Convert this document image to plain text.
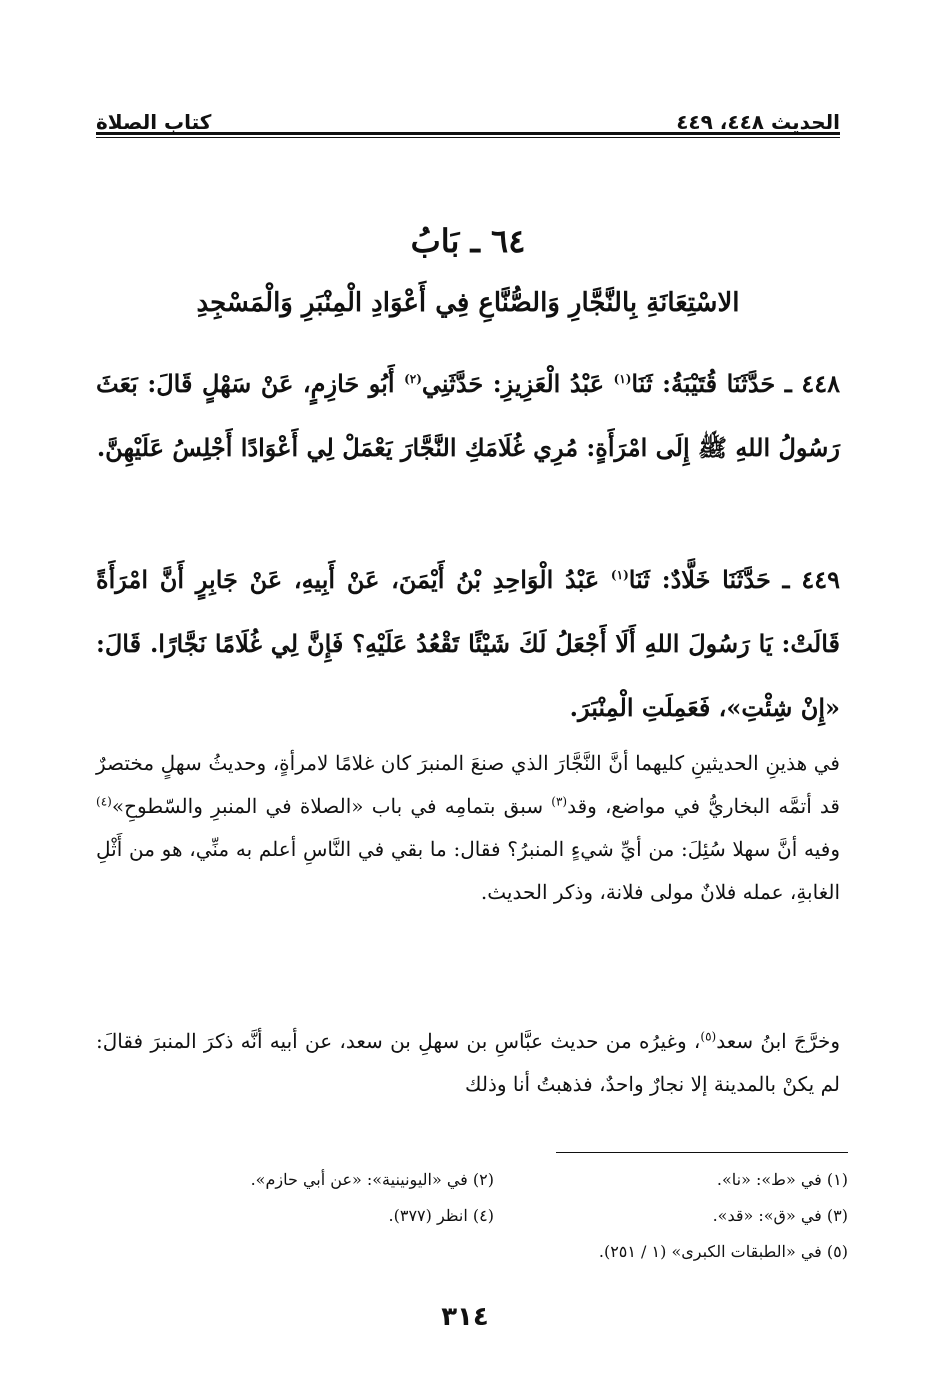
الحديث ٤٤٨، ٤٤٩
كتاب الصلاة
٦٤ ـ بَابُ
الاسْتِعَانَةِ بِالنَّجَّارِ وَالصُّنَّاعِ فِي أَعْوَادِ الْمِنْبَرِ وَالْمَسْجِدِ
٤٤٨ ـ حَدَّثَنَا قُتَيْبَةُ: ثَنَا$^{(١)}$ عَبْدُ الْعَزِيزِ: حَدَّثَنِي$^{(٢)}$ أَبُو حَازِمٍ، عَنْ سَهْلٍ قَالَ: بَعَثَ رَسُولُ اللهِ ﷺ إِلَى امْرَأَةٍ: مُرِي غُلَامَكِ النَّجَّارَ يَعْمَلْ لِي أَعْوَادًا أَجْلِسُ عَلَيْهِنَّ.
٤٤٩ ـ حَدَّثَنَا خَلَّادٌ: ثَنَا$^{(١)}$ عَبْدُ الْوَاحِدِ بْنُ أَيْمَنَ، عَنْ أَبِيهِ، عَنْ جَابِرٍ أَنَّ امْرَأَةً قَالَتْ: يَا رَسُولَ اللهِ أَلَا أَجْعَلُ لَكَ شَيْئًا تَقْعُدُ عَلَيْهِ؟ فَإِنَّ لِي غُلَامًا نَجَّارًا. قَالَ: «إِنْ شِئْتِ»، فَعَمِلَتِ الْمِنْبَرَ.
في هذينِ الحديثينِ كليهما أنَّ النَّجَّارَ الذي صنعَ المنبرَ كان غلامًا لامرأةٍ، وحديثُ سهلٍ مختصرٌ قد أتمَّه البخاريُّ في مواضع، وقد$^{(٣)}$ سبق بتمامِه في باب «الصلاة في المنبرِ والسّطوحِ»$^{(٤)}$ وفيه أنَّ سهلا سُئِلَ: من أيِّ شيءٍ المنبرُ؟ فقال: ما بقي في النَّاسِ أعلم به منِّي، هو من أَثْلِ الغابةِ، عمله فلانٌ مولى فلانة، وذكر الحديث.
وخرَّجَ ابنُ سعد$^{(٥)}$، وغيرُه من حديث عبَّاسِ بن سهلِ بن سعد، عن أبيه أنَّه ذكرَ المنبرَ فقالَ: لم يكنْ بالمدينة إلا نجارٌ واحدٌ، فذهبتُ أنا وذلك
(١) في «ط»: «نا».
(٢) في «اليونينية»: «عن أبي حازم».
(٣) في «ق»: «قد».
(٤) انظر (٣٧٧).
(٥) في «الطبقات الكبرى» (١ / ٢٥١).
٣١٤
